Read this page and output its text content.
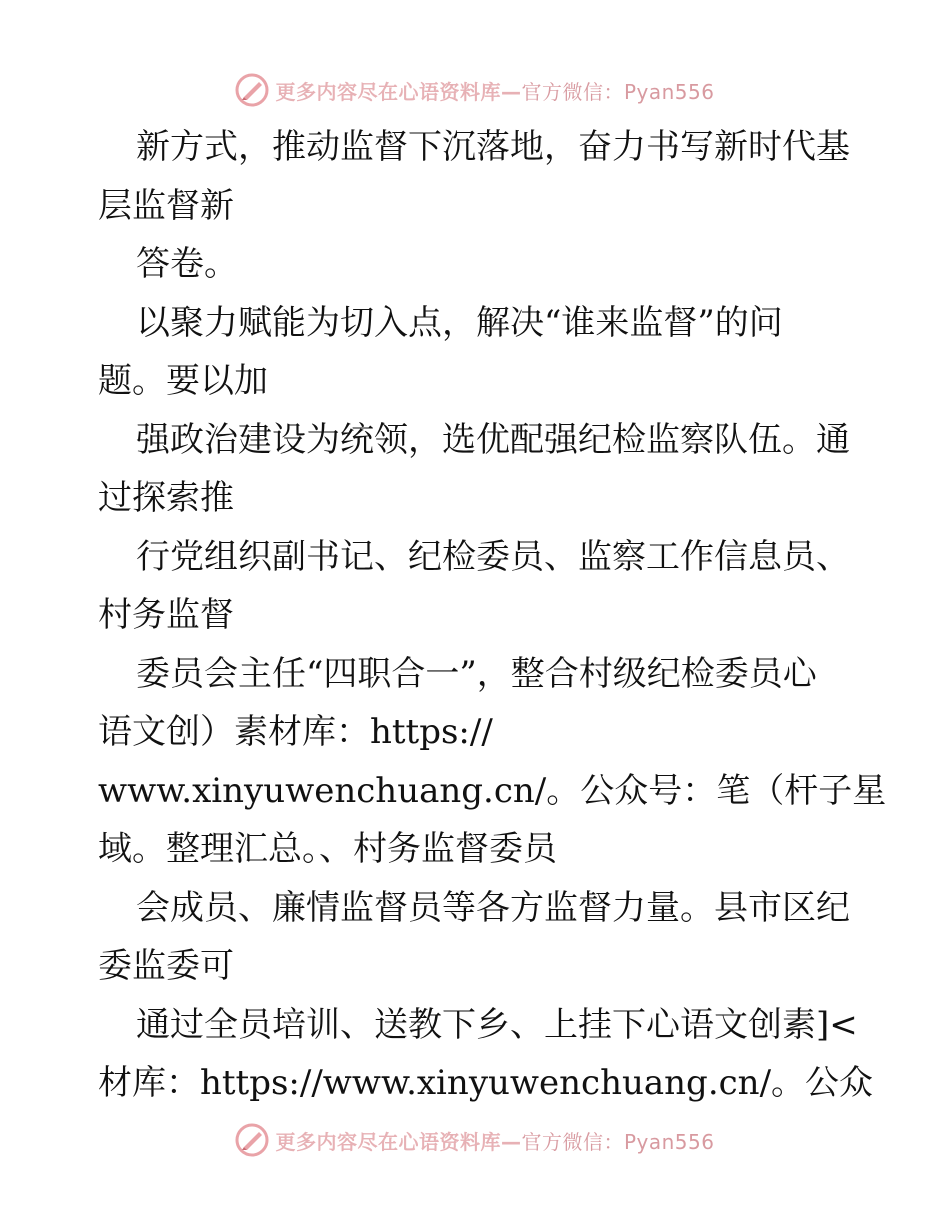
更多内容尽在心语资料库—官方微信：Pyan556
新方式，推动监督下沉落地，奋力书写新时代基
层监督新
答卷。
以聚力赋能为切入点，解决“谁来监督”的问
题。要以加
强政治建设为统领，选优配强纪检监察队伍。通
过探索推
行党组织副书记、纪检委员、监察工作信息员、
村务监督
委员会主任“四职合一”，整合村级纪检委员心
语文创）素材库：https://
www.xinyuwenchuang.cn/。公众号：笔（杆子星
域。整理汇总。、村务监督委员
会成员、廉情监督员等各方监督力量。县市区纪
委监委可
通过全员培训、送教下乡、上挂下心语文创素]<
材库：https://www.xinyuwenchuang.cn/。公众
更多内容尽在心语资料库—官方微信：Pyan556
